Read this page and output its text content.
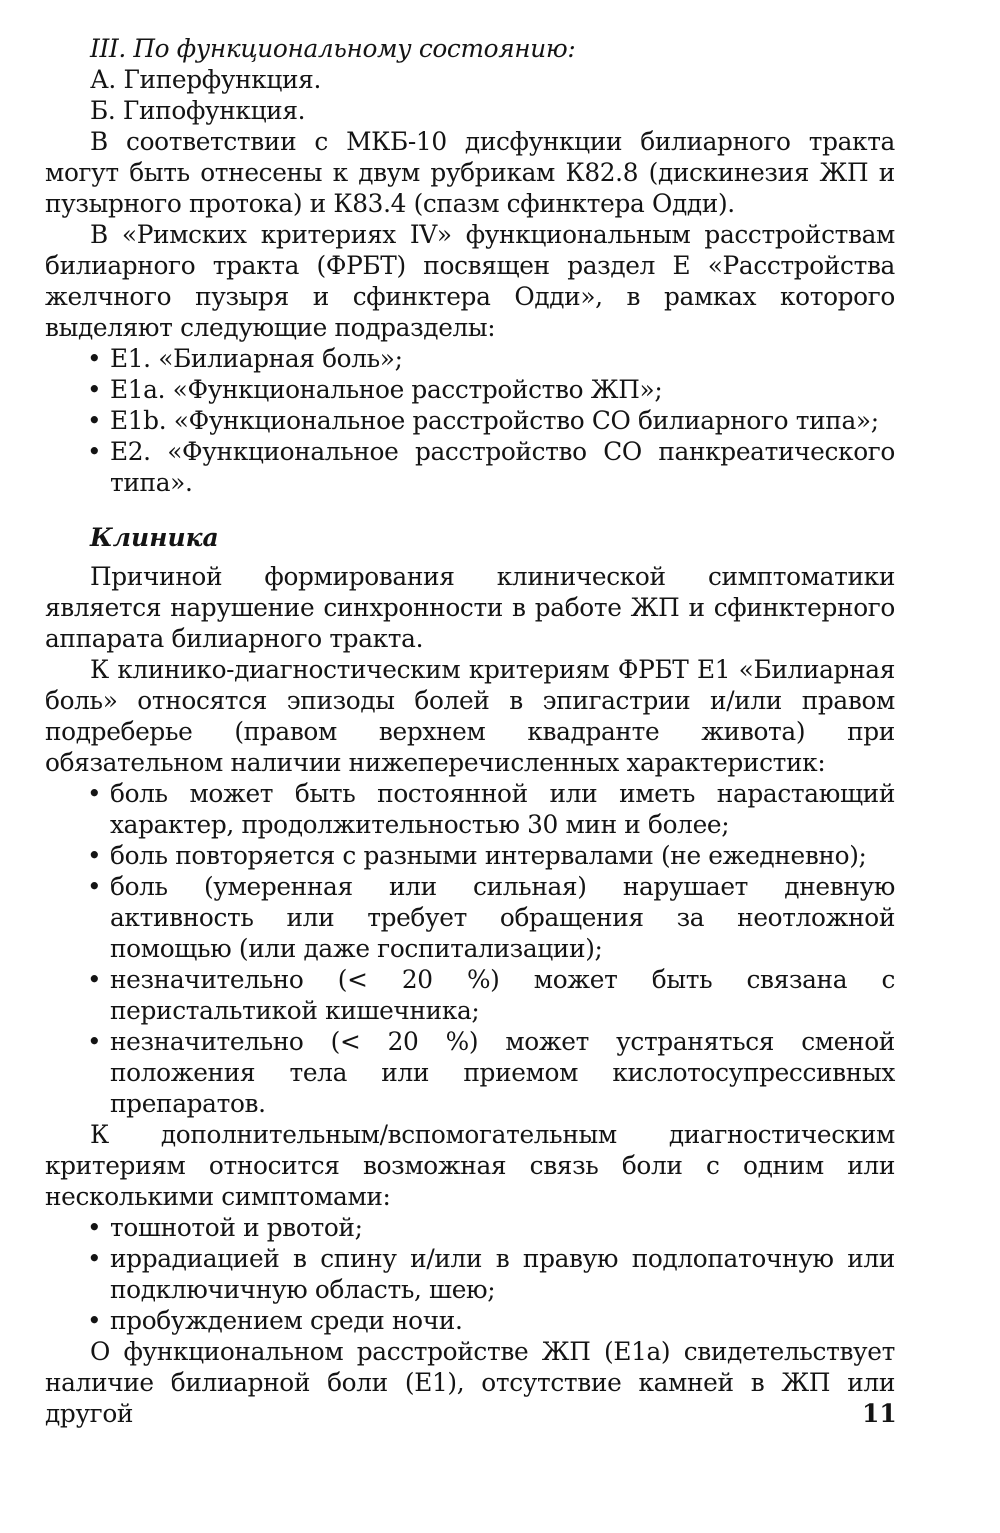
III. По функциональному состоянию:

А. Гиперфункция.

Б. Гипофункция.

В соответствии с МКБ-10 дисфункции билиарного тракта могут быть отнесены к двум рубрикам К82.8 (дискинезия ЖП и пузырного протока) и К83.4 (спазм сфинктера Одди).

В «Римских критериях IV» функциональным расстройствам билиарного тракта (ФРБТ) посвящен раздел Е «Расстройства желчного пузыря и сфинктера Одди», в рамках которого выделяют следующие подразделы:

• Е1. «Билиарная боль»;
• Е1а. «Функциональное расстройство ЖП»;
• E1b. «Функциональное расстройство СО билиарного типа»;
• Е2. «Функциональное расстройство СО панкреатического типа».
Клиника

Причиной формирования клинической симптоматики является нарушение синхронности в работе ЖП и сфинктерного аппарата билиарного тракта.

К клинико-диагностическим критериям ФРБТ Е1 «Билиарная боль» относятся эпизоды болей в эпигастрии и/или правом подреберье (правом верхнем квадранте живота) при обязательном наличии нижеперечисленных характеристик:

• боль может быть постоянной или иметь нарастающий характер, продолжительностью 30 мин и более;
• боль повторяется с разными интервалами (не ежедневно);
• боль (умеренная или сильная) нарушает дневную активность или требует обращения за неотложной помощью (или даже госпитализации);
• незначительно (< 20 %) может быть связана с перистальтикой кишечника;
• незначительно (< 20 %) может устраняться сменой положения тела или приемом кислотосупрессивных препаратов.

К дополнительным/вспомогательным диагностическим критериям относится возможная связь боли с одним или несколькими симптомами:

• тошнотой и рвотой;
• иррадиацией в спину и/или в правую подлопаточную или подключичную область, шею;
• пробуждением среди ночи.

О функциональном расстройстве ЖП (Е1а) свидетельствует наличие билиарной боли (Е1), отсутствие камней в ЖП или другой	11
